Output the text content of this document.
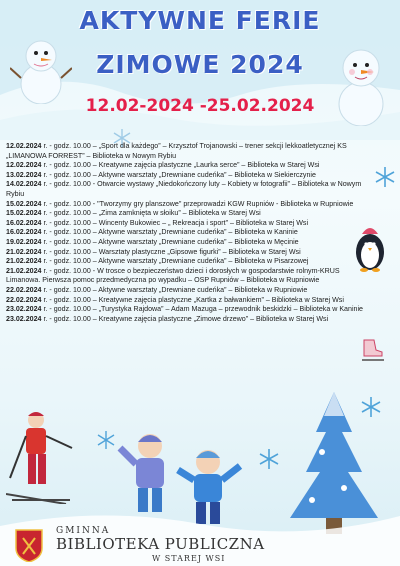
AKTYWNE FERIE
ZIMOWE 2024
12.02-2024 -25.02.2024

12.02.2024 r. - godz. 10.00 – „Sport dla każdego” – Krzysztof Trojanowski – trener sekcji lekkoatletycznej KS „LIMANOWA FORREST” – Biblioteka w Nowym Rybiu

12.02.2024 r. - godz. 10.00 – Kreatywne zajęcia plastyczne „Laurka serce” – Biblioteka w Starej Wsi

13.02.2024 r. - godz. 10.00 – Aktywne warsztaty „Drewniane cudeńka” – Biblioteka w Siekierczynie

14.02.2024 r. - godz. 10.00 - Otwarcie wystawy „Niedokończony luty – Kobiety w fotografii” – Biblioteka w Nowym Rybiu

15.02.2024 r. - godz. 10.00 - "Tworzymy gry planszowe" przeprowadzi KGW Rupniów - Biblioteka w Rupniowie

15.02.2024 r. - godz. 10.00 – „Zima zamknięta w słoiku” – Biblioteka w Starej Wsi

16.02.2024 r. - godz. 10.00 – Wincenty Bukowiec – „ Rekreacja i sport” – Biblioteka w Starej Wsi

16.02.2024 r. - godz. 10.00 – Aktywne warsztaty „Drewniane cudeńka” – Biblioteka w Kaninie

19.02.2024 r. - godz. 10.00 – Aktywne warsztaty „Drewniane cudeńka” – Biblioteka w Męcinie

21.02.2024 r. - godz. 10.00 – Warsztaty plastyczne „Gipsowe figurki” – Biblioteka w Starej Wsi

21.02.2024 r. - godz. 10.00 – Aktywne warsztaty „Drewniane cudeńka” – Biblioteka w Pisarzowej

21.02.2024 r. - godz. 10.00 - W trosce o bezpieczeństwo dzieci i dorosłych w gospodarstwie rolnym-KRUS Limanowa. Pierwsza pomoc przedmedyczna po wypadku – OSP Rupniów – Biblioteka w Rupniowie

22.02.2024 r. - godz. 10.00 – Aktywne warsztaty „Drewniane cudeńka” – Biblioteka w Rupniowie

22.02.2024 r. - godz. 10.00 – Kreatywne zajęcia plastyczne „Kartka z bałwankiem” – Biblioteka w Starej Wsi

23.02.2024 r. - godz. 10.00 – „Turystyka Rajdowa” – Adam Mazuga – przewodnik beskidzki – Biblioteka w Kaninie

23.02.2024 r. - godz. 10.00 – Kreatywne zajęcia plastyczne „Zimowe drzewo” – Biblioteka w Starej Wsi

GMINNA
BIBLIOTEKA PUBLICZNA
W STAREJ WSI
